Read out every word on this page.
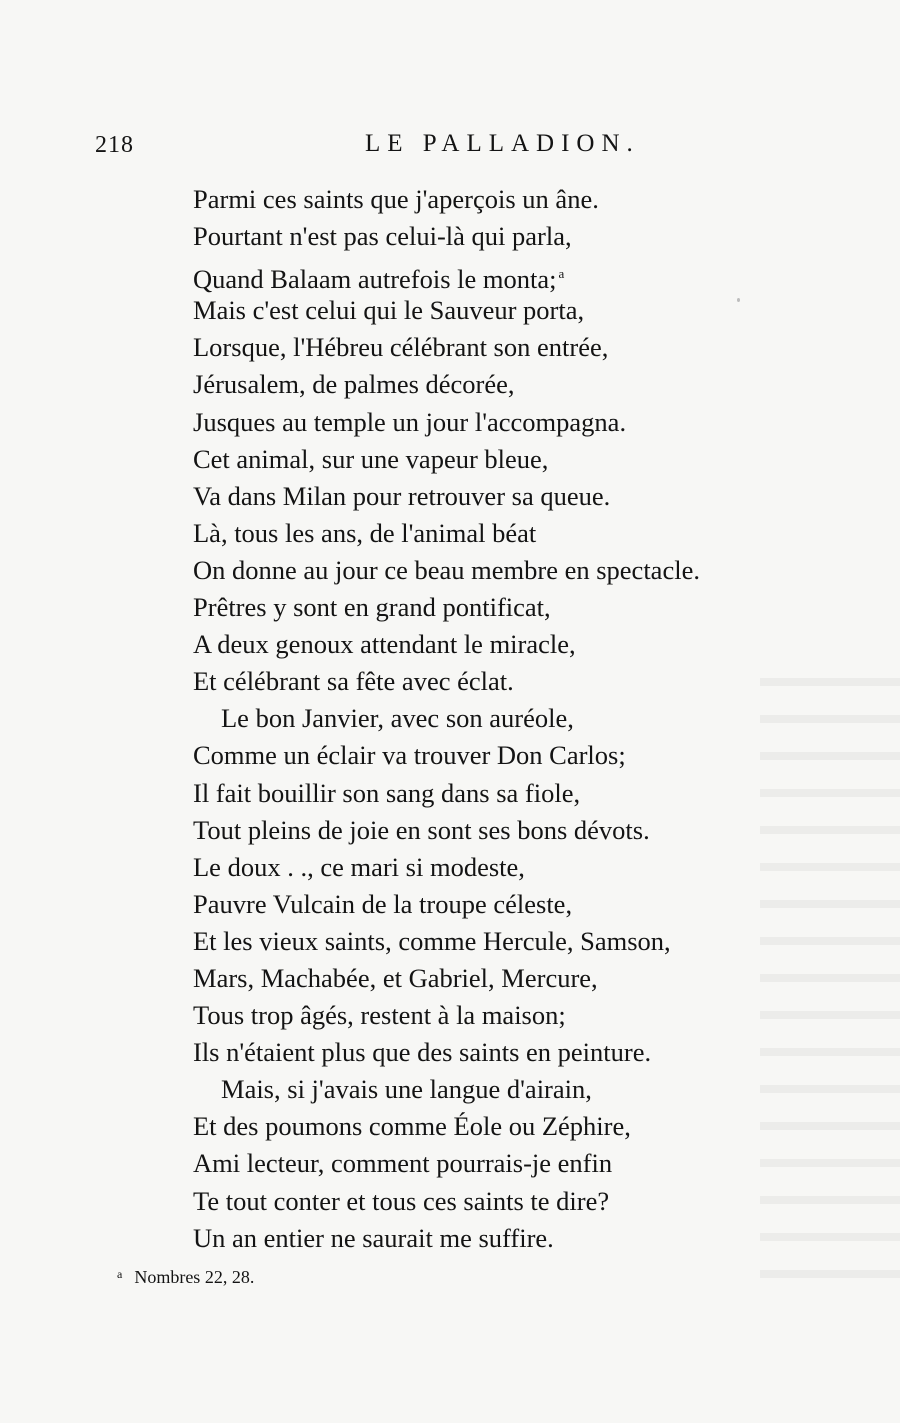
218	LE PALLADION.
Parmi ces saints que j'aperçois un âne.
Pourtant n'est pas celui-là qui parla,
Quand Balaam autrefois le monta; $^a$
Mais c'est celui qui le Sauveur porta,
Lorsque, l'Hébreu célébrant son entrée,
Jérusalem, de palmes décorée,
Jusques au temple un jour l'accompagna.
Cet animal, sur une vapeur bleue,
Va dans Milan pour retrouver sa queue.
Là, tous les ans, de l'animal béat
On donne au jour ce beau membre en spectacle.
Prêtres y sont en grand pontificat,
A deux genoux attendant le miracle,
Et célébrant sa fête avec éclat.
Le bon Janvier, avec son auréole,
Comme un éclair va trouver Don Carlos;
Il fait bouillir son sang dans sa fiole,
Tout pleins de joie en sont ses bons dévots.
Le doux . ., ce mari si modeste,
Pauvre Vulcain de la troupe céleste,
Et les vieux saints, comme Hercule, Samson,
Mars, Machabée, et Gabriel, Mercure,
Tous trop âgés, restent à la maison;
Ils n'étaient plus que des saints en peinture.
Mais, si j'avais une langue d'airain,
Et des poumons comme Éole ou Zéphire,
Ami lecteur, comment pourrais-je enfin
Te tout conter et tous ces saints te dire?
Un an entier ne saurait me suffire.
$^a$ Nombres 22, 28.
